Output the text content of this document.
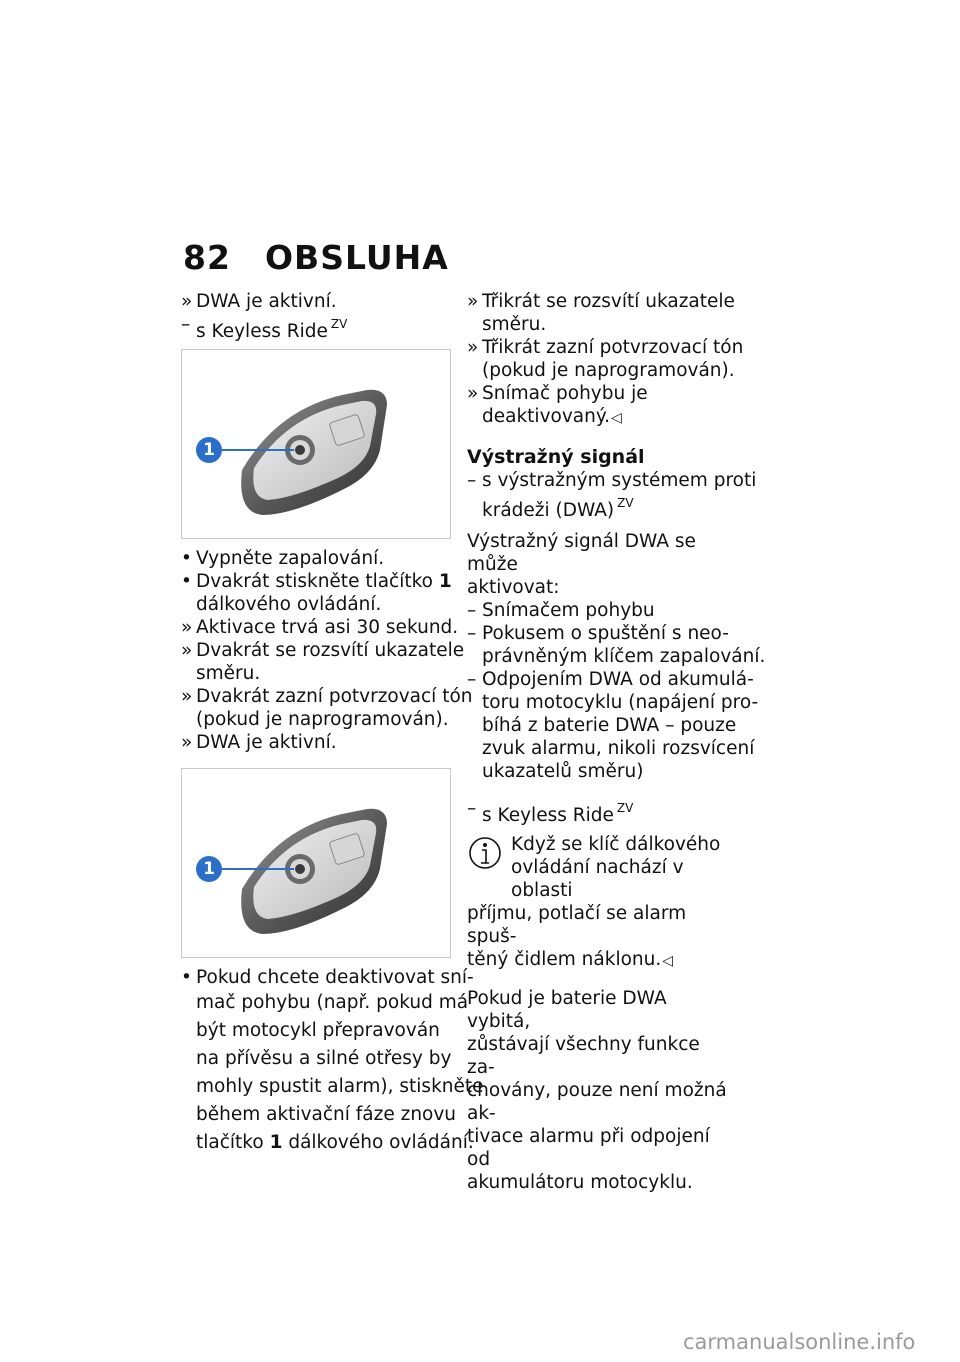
82 OBSLUHA
» DWA je aktivní.
– s Keyless Ride $^{ZV}$
1
• Vypněte zapalování.
• Dvakrát stiskněte tlačítko 1
dálkového ovládání.
» Aktivace trvá asi 30 sekund.
» Dvakrát se rozsvítí ukazatele
směru.
» Dvakrát zazní potvrzovací tón
(pokud je naprogramován).
» DWA je aktivní.
1
• Pokud chcete deaktivovat sní-
mač pohybu (např. pokud má
být motocykl přepravován
na přívěsu a silné otřesy by
mohly spustit alarm), stiskněte
během aktivační fáze znovu
tlačítko 1 dálkového ovládání.
» Třikrát se rozsvítí ukazatele
směru.
» Třikrát zazní potvrzovací tón
(pokud je naprogramován).
» Snímač pohybu je
deaktivovaný.◁
Výstražný signál
– s výstražným systémem proti
krádeži (DWA) $^{ZV}$
Výstražný signál DWA se může
aktivovat:
– Snímačem pohybu
– Pokusem o spuštění s neo-
právněným klíčem zapalování.
– Odpojením DWA od akumulá-
toru motocyklu (napájení pro-
bíhá z baterie DWA – pouze
zvuk alarmu, nikoli rozsvícení
ukazatelů směru)
– s Keyless Ride $^{ZV}$
Když se klíč dálkového
ovládání nachází v oblasti
příjmu, potlačí se alarm spuš-
těný čidlem náklonu.◁
Pokud je baterie DWA vybitá,
zůstávají všechny funkce za-
chovány, pouze není možná ak-
tivace alarmu při odpojení od
akumulátoru motocyklu.
carmanualsonline.info
